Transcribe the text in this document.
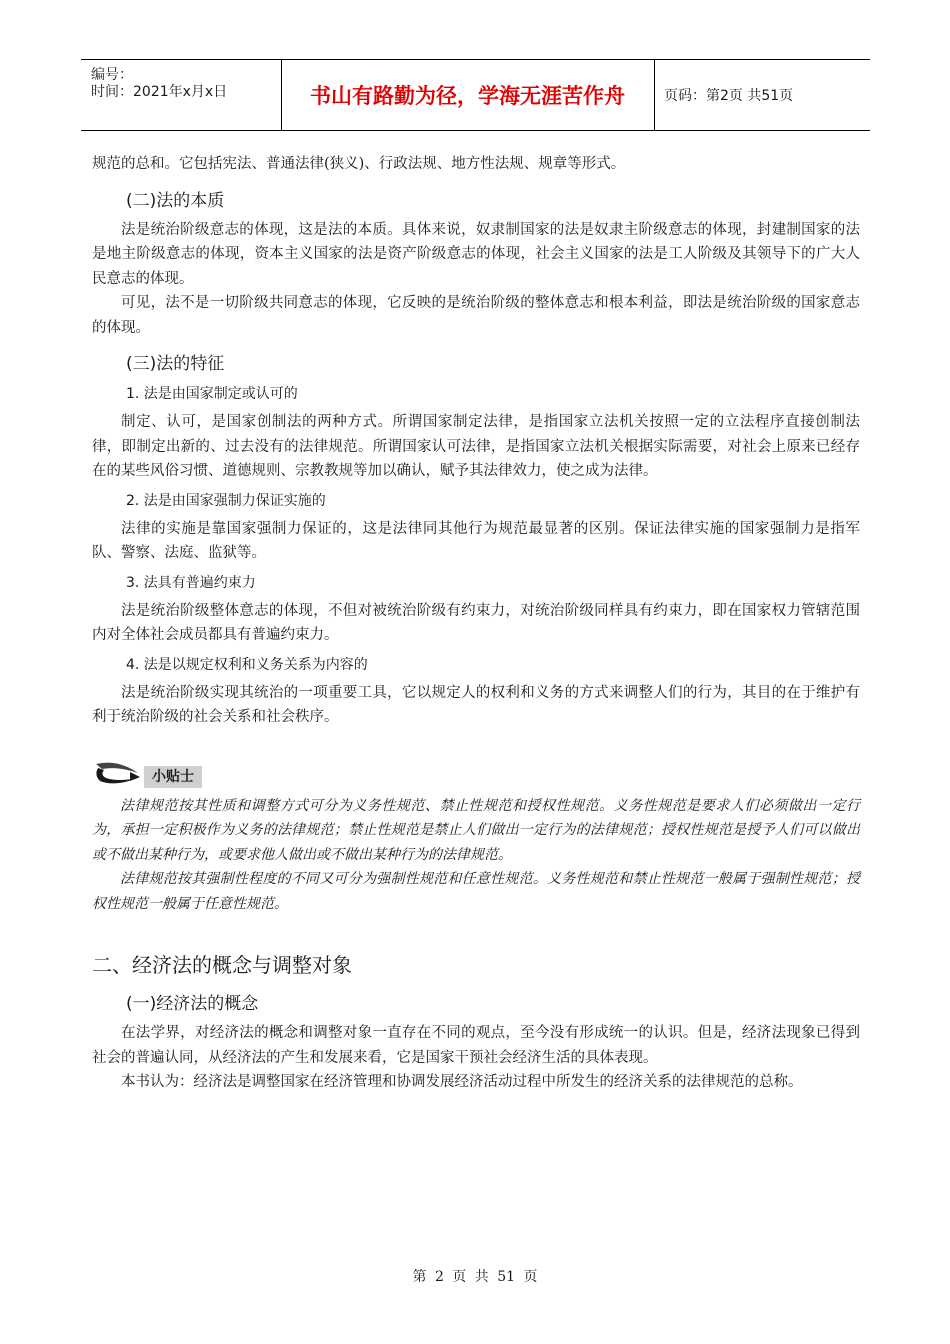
编号：
时间：2021年x月x日	书山有路勤为径，学海无涯苦作舟	页码：第2页 共51页

规范的总和。它包括宪法、普通法律(狭义)、行政法规、地方性法规、规章等形式。

(二)法的本质

法是统治阶级意志的体现，这是法的本质。具体来说，奴隶制国家的法是奴隶主阶级意志的体现，封建制国家的法是地主阶级意志的体现，资本主义国家的法是资产阶级意志的体现，社会主义国家的法是工人阶级及其领导下的广大人民意志的体现。

可见，法不是一切阶级共同意志的体现，它反映的是统治阶级的整体意志和根本利益，即法是统治阶级的国家意志的体现。

(三)法的特征
1. 法是由国家制定或认可的

制定、认可，是国家创制法的两种方式。所谓国家制定法律，是指国家立法机关按照一定的立法程序直接创制法律，即制定出新的、过去没有的法律规范。所谓国家认可法律，是指国家立法机关根据实际需要，对社会上原来已经存在的某些风俗习惯、道德规则、宗教教规等加以确认，赋予其法律效力，使之成为法律。

2. 法是由国家强制力保证实施的

法律的实施是靠国家强制力保证的，这是法律同其他行为规范最显著的区别。保证法律实施的国家强制力是指军队、警察、法庭、监狱等。

3. 法具有普遍约束力

法是统治阶级整体意志的体现，不但对被统治阶级有约束力，对统治阶级同样具有约束力，即在国家权力管辖范围内对全体社会成员都具有普遍约束力。

4. 法是以规定权利和义务关系为内容的

法是统治阶级实现其统治的一项重要工具，它以规定人的权利和义务的方式来调整人们的行为，其目的在于维护有利于统治阶级的社会关系和社会秩序。

小贴士

法律规范按其性质和调整方式可分为义务性规范、禁止性规范和授权性规范。义务性规范是要求人们必须做出一定行为，承担一定积极作为义务的法律规范；禁止性规范是禁止人们做出一定行为的法律规范；授权性规范是授予人们可以做出或不做出某种行为，或要求他人做出或不做出某种行为的法律规范。

法律规范按其强制性程度的不同又可分为强制性规范和任意性规范。义务性规范和禁止性规范一般属于强制性规范；授权性规范一般属于任意性规范。

二、经济法的概念与调整对象
(一)经济法的概念

在法学界，对经济法的概念和调整对象一直存在不同的观点，至今没有形成统一的认识。但是，经济法现象已得到社会的普遍认同，从经济法的产生和发展来看，它是国家干预社会经济生活的具体表现。

本书认为：经济法是调整国家在经济管理和协调发展经济活动过程中所发生的经济关系的法律规范的总称。

第 2 页 共 51 页
